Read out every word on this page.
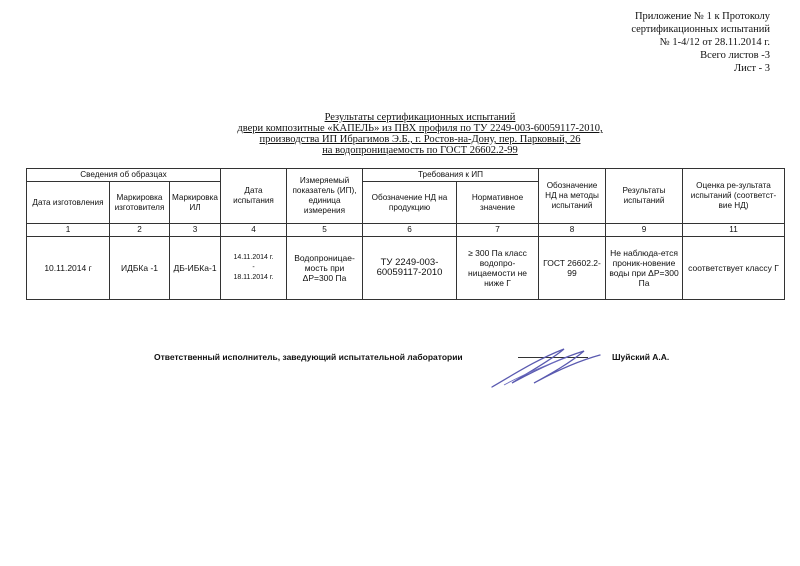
Приложение № 1 к Протоколу
сертификационных испытаний
№ 1-4/12 от 28.11.2014 г.
Всего листов -3
Лист - 3
Результаты сертификационных испытаний
двери композитные «КАПЕЛЬ» из ПВХ профиля по ТУ 2249-003-60059117-2010,
производства ИП Ибрагимов Э.Б., г. Ростов-на-Дону, пер. Парковый, 26
на водопроницаемость по ГОСТ 26602.2-99
Сведения об образцах			Дата испытания	Измеряемый показатель (ИП), единица измерения	Требования к ИП		Обозначение НД на методы испытаний	Результаты испытаний	Оценка ре-зультата испытаний (соответст-вие НД)
Дата изготовления	Маркировка изготовителя	Маркировка ИЛ			Обозначение НД на продукцию	Нормативное значение			
1	2	3	4	5	6	7	8	9	11
10.11.2014 г	ИДБКа -1	ДБ-ИБКа-1	14.11.2014 г.
-
18.11.2014 г.	Водопроницае-мость при ΔP=300 Па	ТУ 2249-003-60059117-2010	≥ 300 Па класс водопро-ницаемости не ниже Г	ГОСТ 26602.2-99	Не наблюда-ется проник-новение воды при ΔP=300 Па	соответствует классу Г
Ответственный исполнитель, заведующий испытательной лаборатории	Шуйский А.А.
